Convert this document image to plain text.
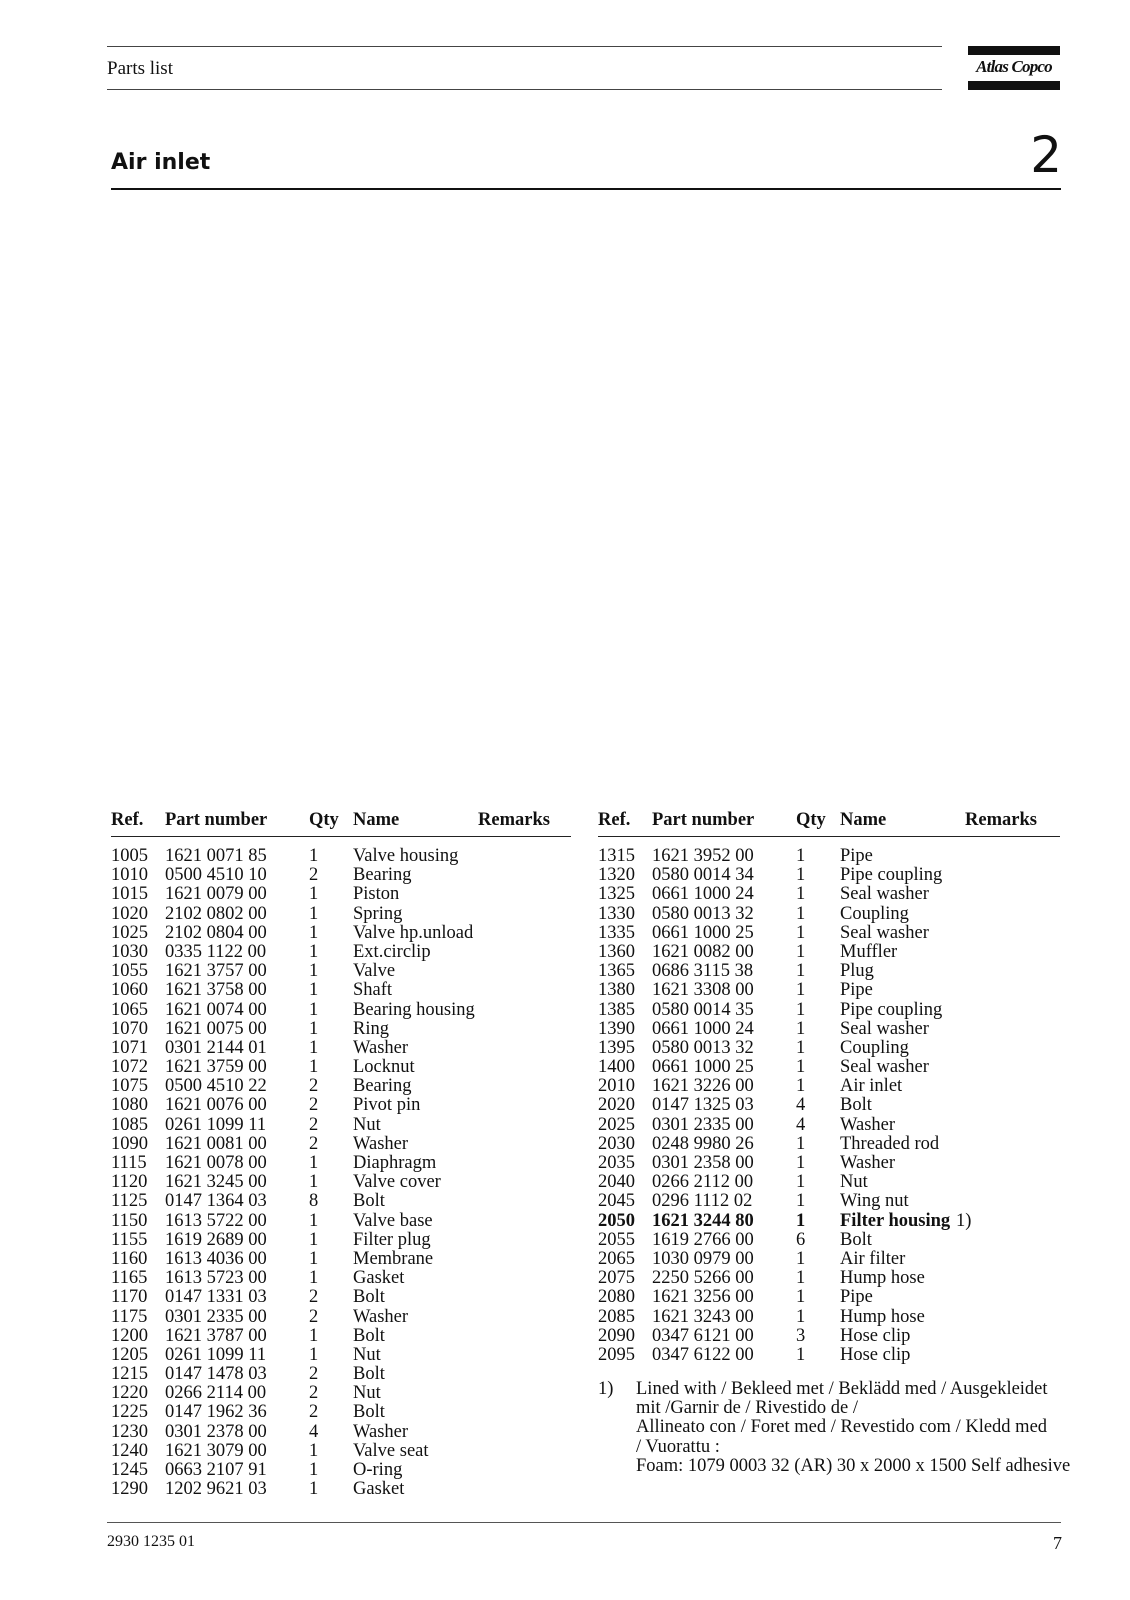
Parts list	Atlas Copco
Air inlet	2
Ref. Part number Qty Name	Remarks
1005 1621 0071 85 1 Valve housing
1010 0500 4510 10 2 Bearing
1015 1621 0079 00 1 Piston
1020 2102 0802 00 1 Spring
1025 2102 0804 00 1 Valve hp.unload
1030 0335 1122 00 1 Ext.circlip
1055 1621 3757 00 1 Valve
1060 1621 3758 00 1 Shaft
1065 1621 0074 00 1 Bearing housing
1070 1621 0075 00 1 Ring
1071 0301 2144 01 1 Washer
1072 1621 3759 00 1 Locknut
1075 0500 4510 22 2 Bearing
1080 1621 0076 00 2 Pivot pin
1085 0261 1099 11 2 Nut
1090 1621 0081 00 2 Washer
1115 1621 0078 00 1 Diaphragm
1120 1621 3245 00 1 Valve cover
1125 0147 1364 03 8 Bolt
1150 1613 5722 00 1 Valve base
1155 1619 2689 00 1 Filter plug
1160 1613 4036 00 1 Membrane
1165 1613 5723 00 1 Gasket
1170 0147 1331 03 2 Bolt
1175 0301 2335 00 2 Washer
1200 1621 3787 00 1 Bolt
1205 0261 1099 11 1 Nut
1215 0147 1478 03 2 Bolt
1220 0266 2114 00 2 Nut
1225 0147 1962 36 2 Bolt
1230 0301 2378 00 4 Washer
1240 1621 3079 00 1 Valve seat
1245 0663 2107 91 1 O-ring
1290 1202 9621 03 1 Gasket
Ref. Part number Qty Name	Remarks
1315 1621 3952 00 1 Pipe
1320 0580 0014 34 1 Pipe coupling
1325 0661 1000 24 1 Seal washer
1330 0580 0013 32 1 Coupling
1335 0661 1000 25 1 Seal washer
1360 1621 0082 00 1 Muffler
1365 0686 3115 38 1 Plug
1380 1621 3308 00 1 Pipe
1385 0580 0014 35 1 Pipe coupling
1390 0661 1000 24 1 Seal washer
1395 0580 0013 32 1 Coupling
1400 0661 1000 25 1 Seal washer
2010 1621 3226 00 1 Air inlet
2020 0147 1325 03 4 Bolt
2025 0301 2335 00 4 Washer
2030 0248 9980 26 1 Threaded rod
2035 0301 2358 00 1 Washer
2040 0266 2112 00 1 Nut
2045 0296 1112 02 1 Wing nut
2050 1621 3244 80 1 Filter housing 1)
2055 1619 2766 00 6 Bolt
2065 1030 0979 00 1 Air filter
2075 2250 5266 00 1 Hump hose
2080 1621 3256 00 1 Pipe
2085 1621 3243 00 1 Hump hose
2090 0347 6121 00 3 Hose clip
2095 0347 6122 00 1 Hose clip
1) Lined with / Bekleed met / Beklädd med / Ausgekleidet
mit /Garnir de / Rivestido de /
Allineato con / Foret med / Revestido com / Kledd med
/ Vuorattu :
Foam: 1079 0003 32 (AR) 30 x 2000 x 1500 Self adhesive
2930 1235 01	7
